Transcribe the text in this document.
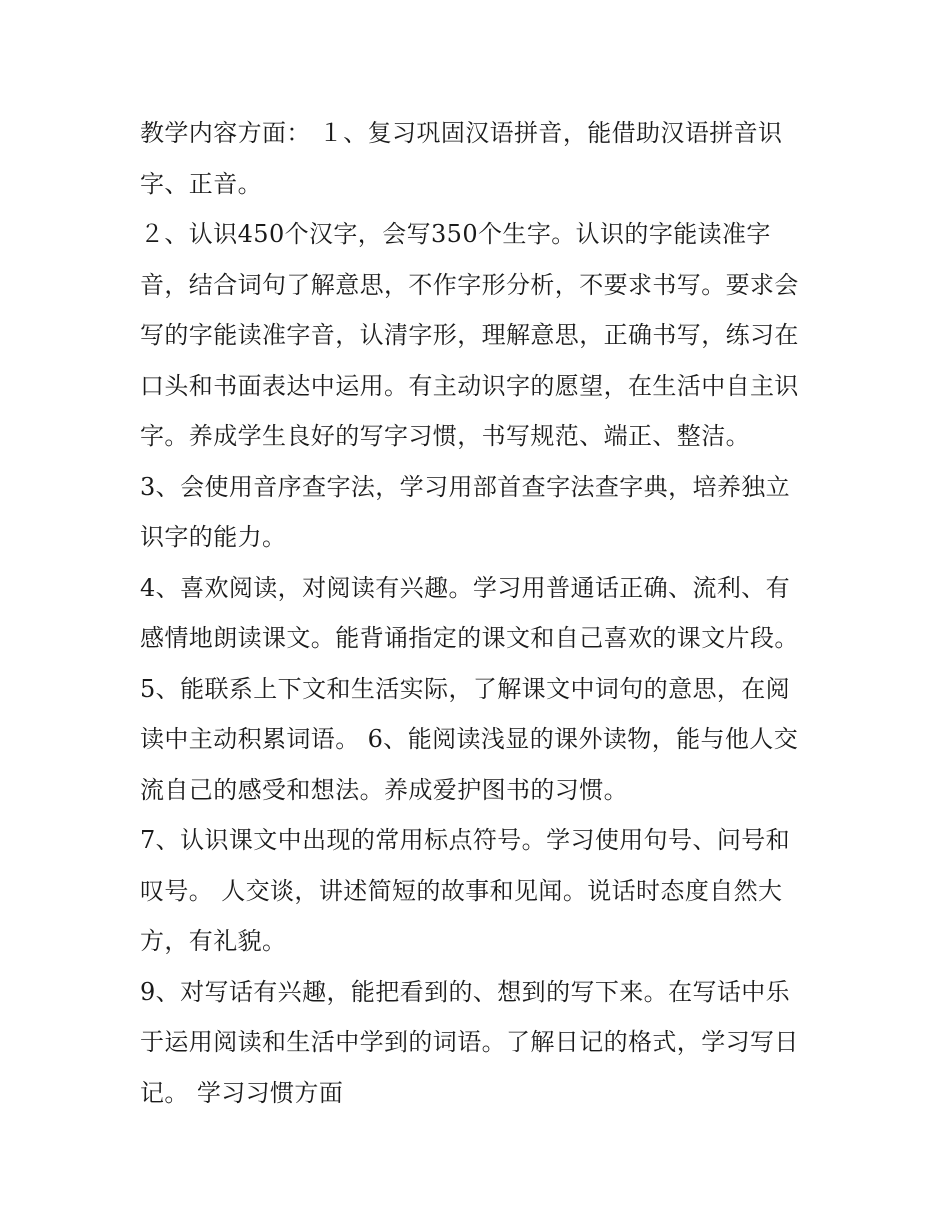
教学内容方面： １、复习巩固汉语拼音，能借助汉语拼音识
字、正音。
２、认识450个汉字，会写350个生字。认识的字能读准字
音，结合词句了解意思，不作字形分析，不要求书写。要求会
写的字能读准字音，认清字形，理解意思，正确书写，练习在
口头和书面表达中运用。有主动识字的愿望，在生活中自主识
字。养成学生良好的写字习惯，书写规范、端正、整洁。
3、会使用音序查字法，学习用部首查字法查字典，培养独立
识字的能力。
4、喜欢阅读，对阅读有兴趣。学习用普通话正确、流利、有
感情地朗读课文。能背诵指定的课文和自己喜欢的课文片段。
5、能联系上下文和生活实际，了解课文中词句的意思，在阅
读中主动积累词语。 6、能阅读浅显的课外读物，能与他人交
流自己的感受和想法。养成爱护图书的习惯。
7、认识课文中出现的常用标点符号。学习使用句号、问号和
叹号。 人交谈，讲述简短的故事和见闻。说话时态度自然大
方，有礼貌。
9、对写话有兴趣，能把看到的、想到的写下来。在写话中乐
于运用阅读和生活中学到的词语。了解日记的格式，学习写日
记。 学习习惯方面
